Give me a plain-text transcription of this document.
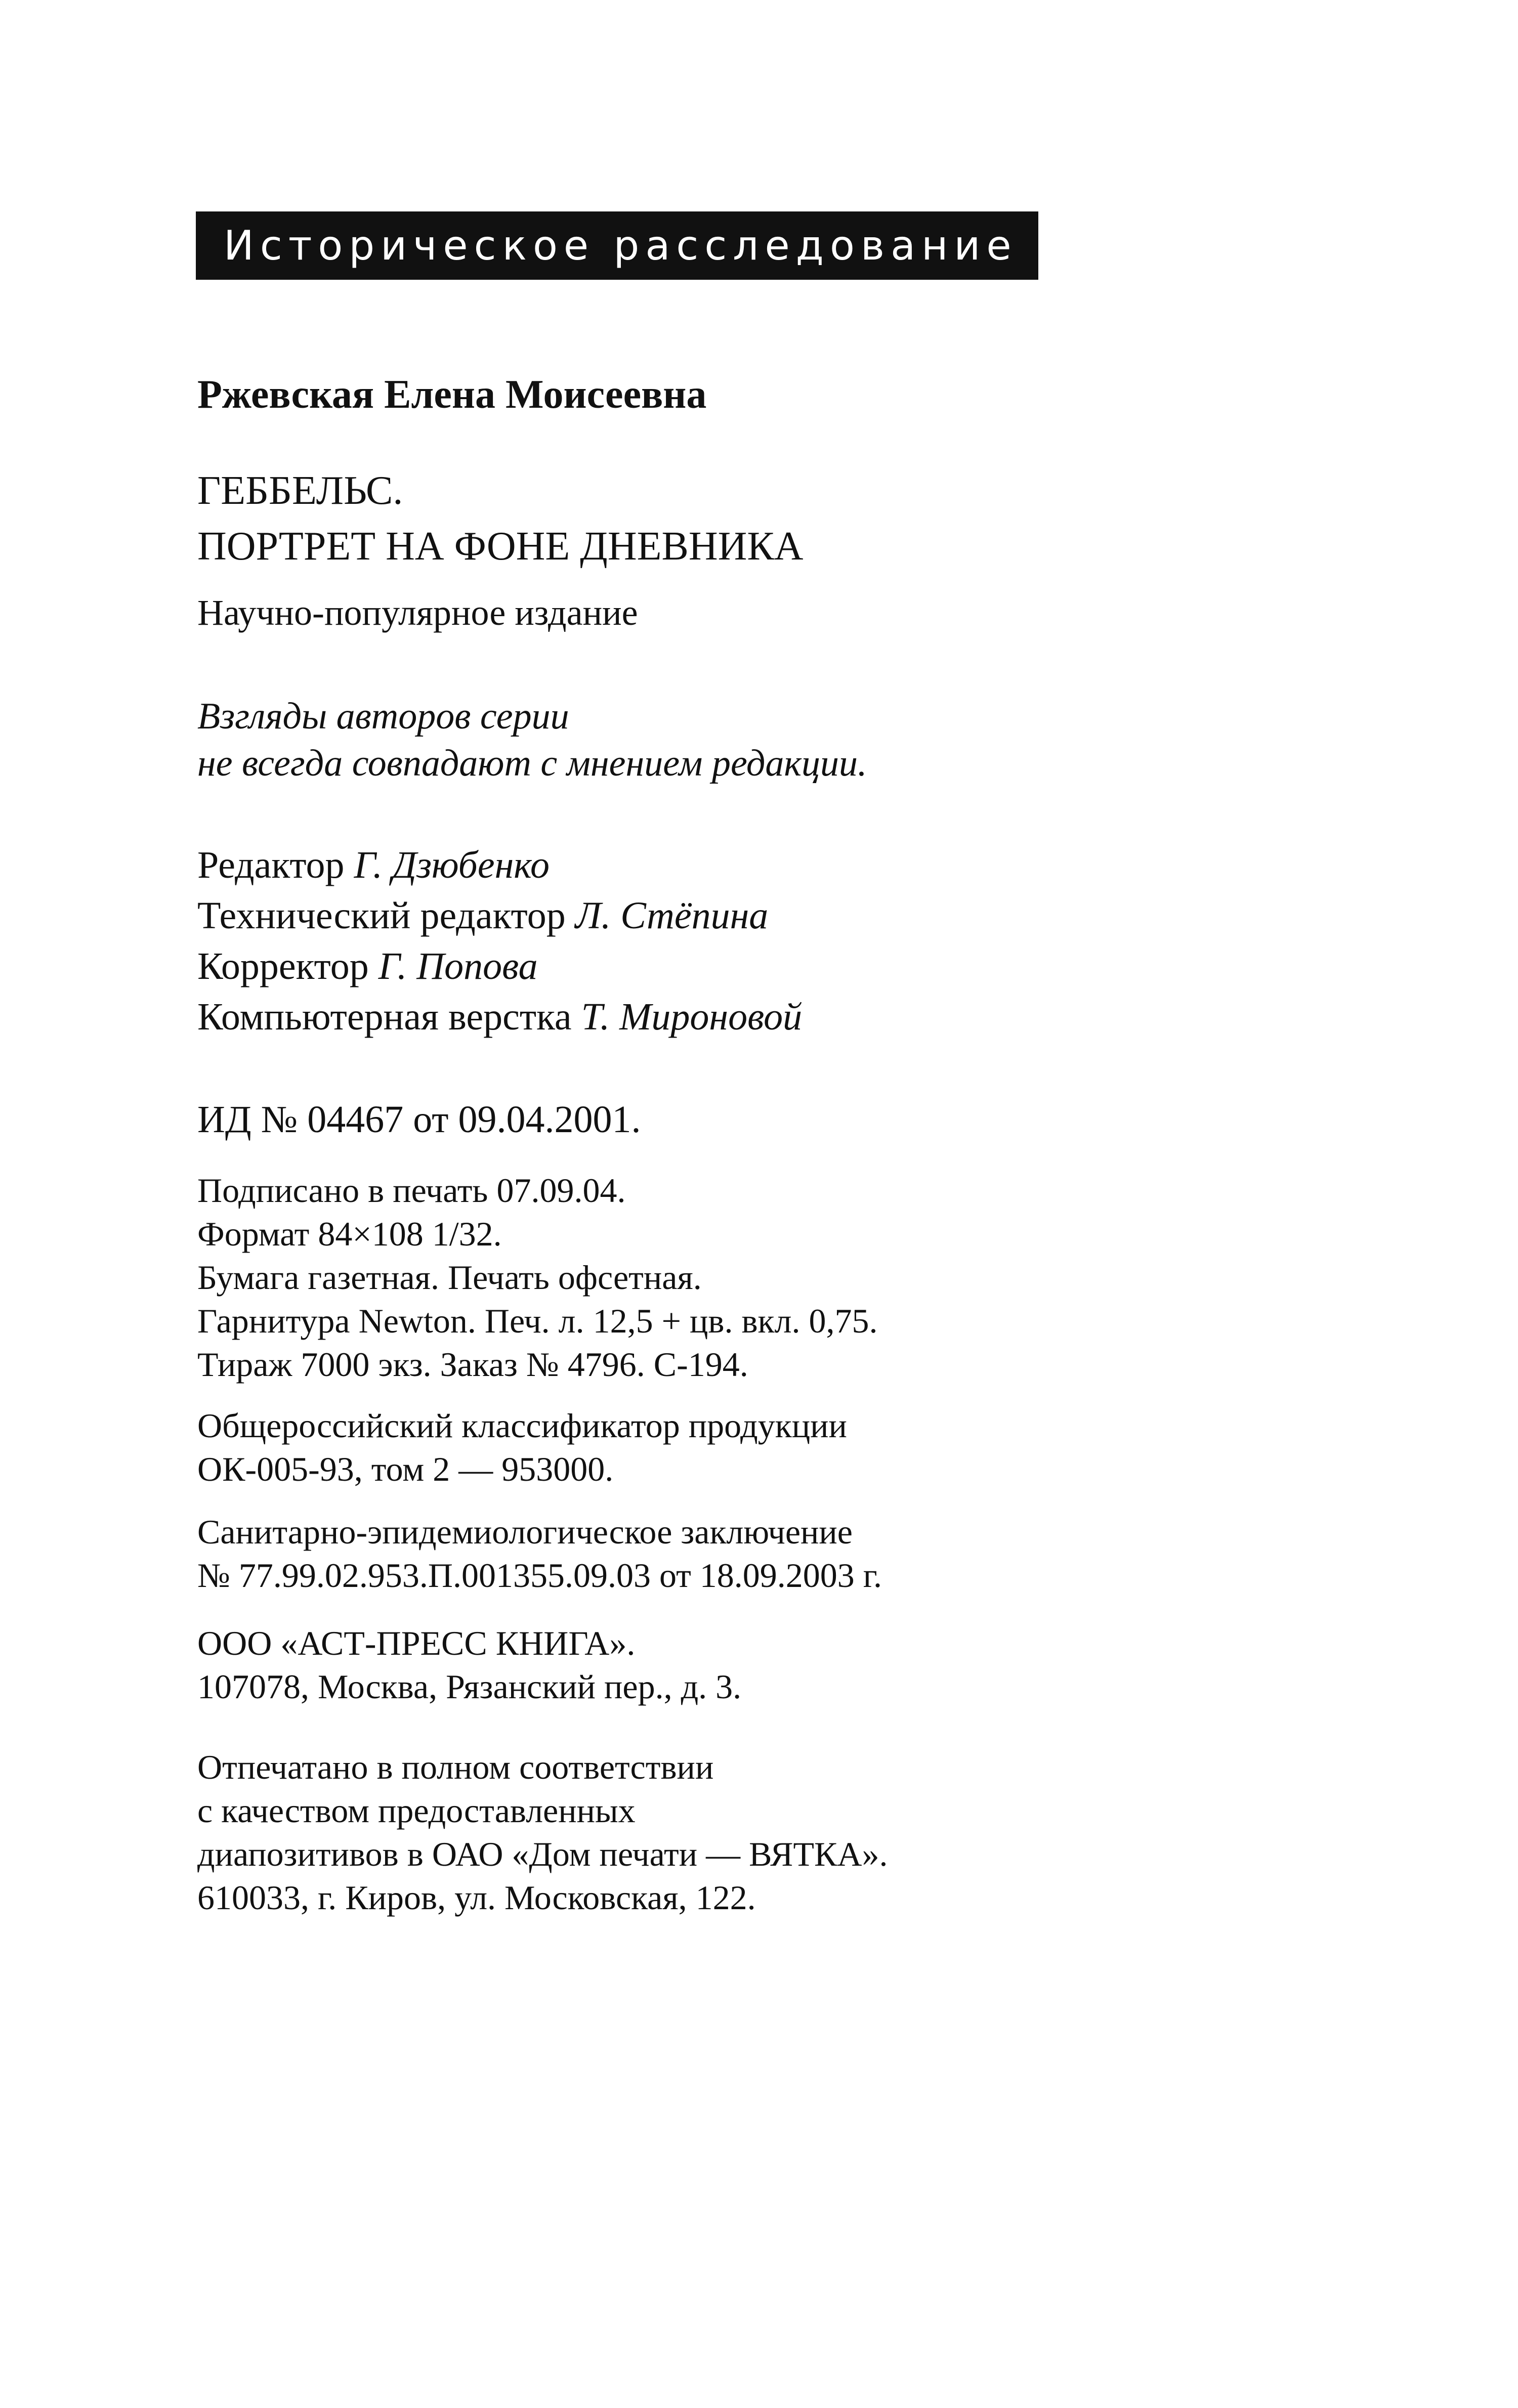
Историческое расследование
Ржевская Елена Моисеевна
ГЕББЕЛЬС.
ПОРТРЕТ НА ФОНЕ ДНЕВНИКА
Научно-популярное издание
Взгляды авторов серии
не всегда совпадают с мнением редакции.
Редактор Г. Дзюбенко
Технический редактор Л. Стёпина
Корректор Г. Попова
Компьютерная верстка Т. Мироновой
ИД № 04467 от 09.04.2001.
Подписано в печать 07.09.04.
Формат 84×108 1/32.
Бумага газетная. Печать офсетная.
Гарнитура Newton. Печ. л. 12,5 + цв. вкл. 0,75.
Тираж 7000 экз. Заказ № 4796. С-194.
Общероссийский классификатор продукции
ОК-005-93, том 2 — 953000.
Санитарно-эпидемиологическое заключение
№ 77.99.02.953.П.001355.09.03 от 18.09.2003 г.
ООО «АСТ-ПРЕСС КНИГА».
107078, Москва, Рязанский пер., д. 3.
Отпечатано в полном соответствии
с качеством предоставленных
диапозитивов в ОАО «Дом печати — ВЯТКА».
610033, г. Киров, ул. Московская, 122.
